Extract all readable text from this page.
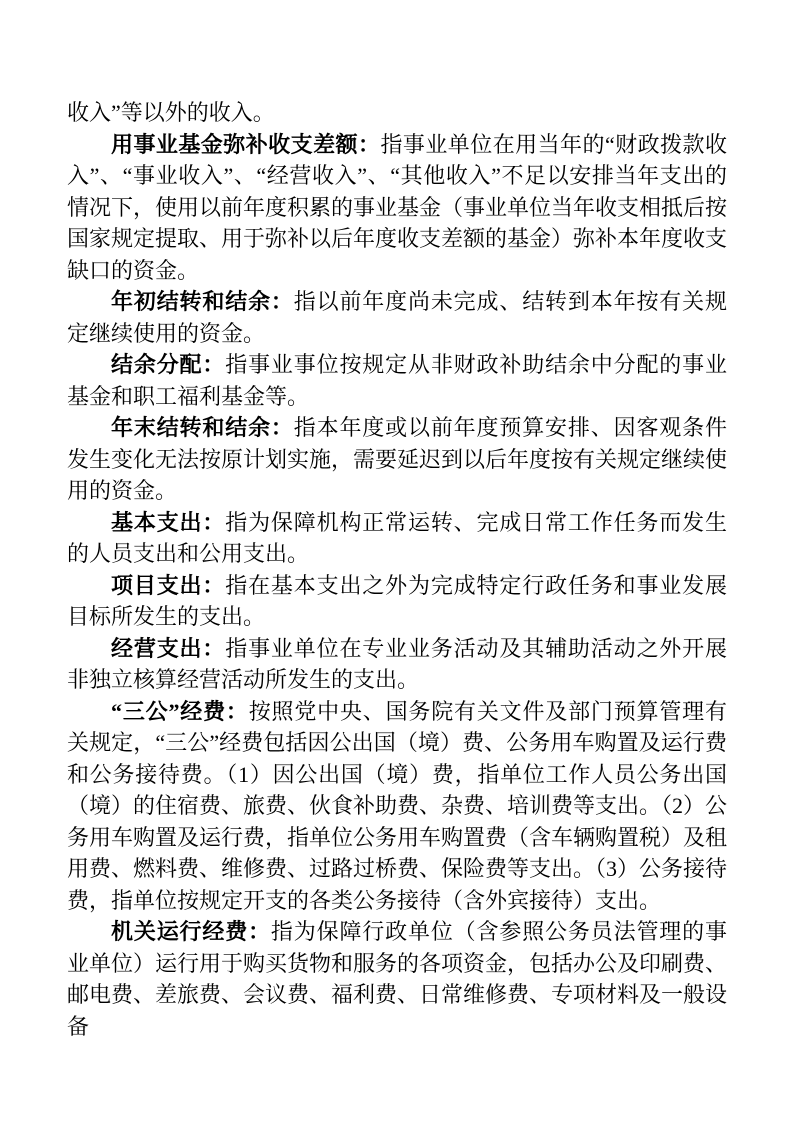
收入”等以外的收入。

用事业基金弥补收支差额：指事业单位在用当年的“财政拨款收入”、“事业收入”、“经营收入”、“其他收入”不足以安排当年支出的情况下，使用以前年度积累的事业基金（事业单位当年收支相抵后按国家规定提取、用于弥补以后年度收支差额的基金）弥补本年度收支缺口的资金。

年初结转和结余：指以前年度尚未完成、结转到本年按有关规定继续使用的资金。

结余分配：指事业事位按规定从非财政补助结余中分配的事业基金和职工福利基金等。

年末结转和结余：指本年度或以前年度预算安排、因客观条件发生变化无法按原计划实施，需要延迟到以后年度按有关规定继续使用的资金。

基本支出：指为保障机构正常运转、完成日常工作任务而发生的人员支出和公用支出。

项目支出：指在基本支出之外为完成特定行政任务和事业发展目标所发生的支出。

经营支出：指事业单位在专业业务活动及其辅助活动之外开展非独立核算经营活动所发生的支出。

“三公”经费：按照党中央、国务院有关文件及部门预算管理有关规定，“三公”经费包括因公出国（境）费、公务用车购置及运行费和公务接待费。（1）因公出国（境）费，指单位工作人员公务出国（境）的住宿费、旅费、伙食补助费、杂费、培训费等支出。（2）公务用车购置及运行费，指单位公务用车购置费（含车辆购置税）及租用费、燃料费、维修费、过路过桥费、保险费等支出。（3）公务接待费，指单位按规定开支的各类公务接待（含外宾接待）支出。

机关运行经费：指为保障行政单位（含参照公务员法管理的事业单位）运行用于购买货物和服务的各项资金，包括办公及印刷费、邮电费、差旅费、会议费、福利费、日常维修费、专项材料及一般设备
